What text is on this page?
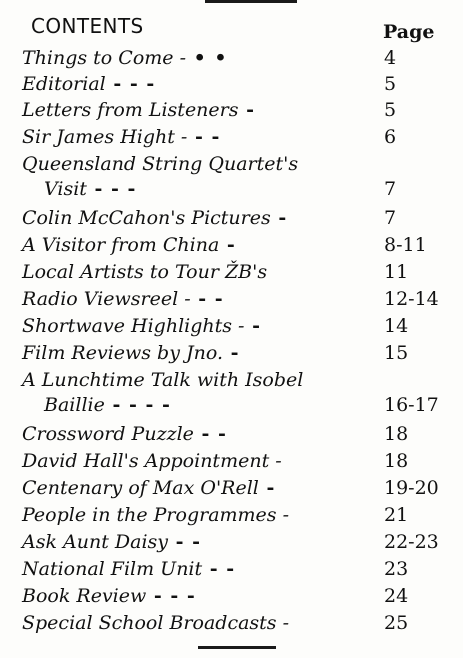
CONTENTS	Page
Things to Come - • •	4
Editorial - - -	5
Letters from Listeners -	5
Sir James Hight - - -	6
Queensland String Quartet's
Visit - - -	7
Colin McCahon's Pictures -	7
A Visitor from China -	8-11
Local Artists to Tour ŽB's	11
Radio Viewsreel - - -	12-14
Shortwave Highlights - -	14
Film Reviews by Jno. -	15
A Lunchtime Talk with Isobel
Baillie - - - -	16-17
Crossword Puzzle - -	18
David Hall's Appointment -	18
Centenary of Max O'Rell -	19-20
People in the Programmes -	21
Ask Aunt Daisy - -	22-23
National Film Unit - -	23
Book Review - - -	24
Special School Broadcasts -	25
